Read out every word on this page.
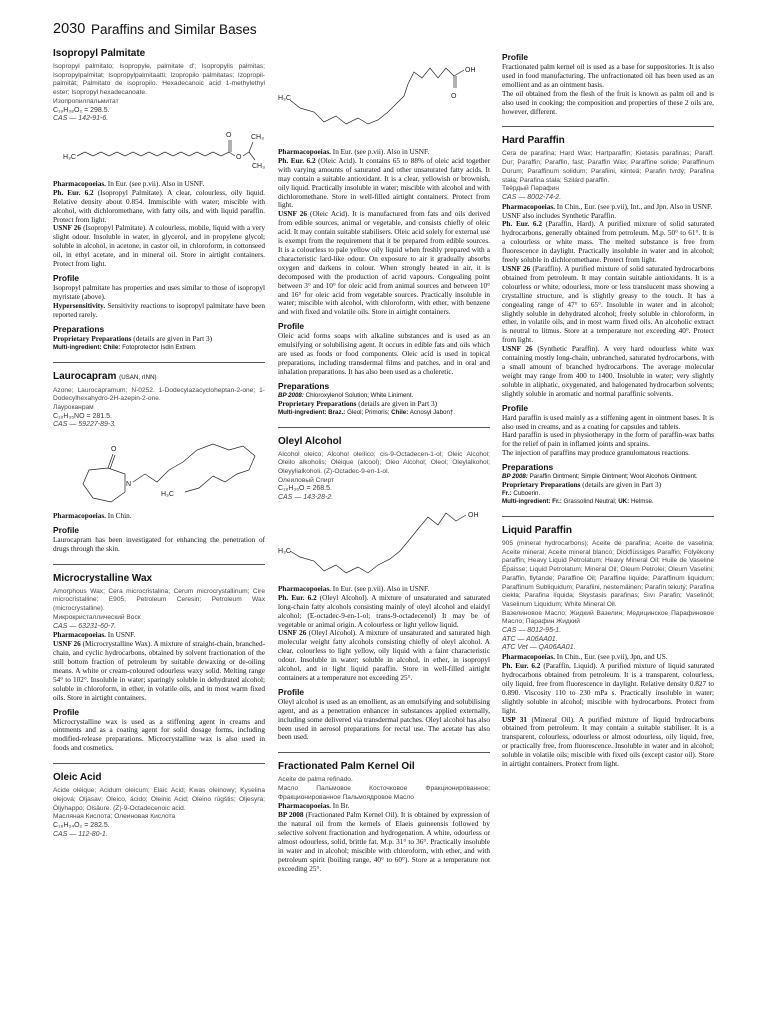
2030 Paraffins and Similar Bases
Isopropyl Palmitate

Isopropyl palmitato; Isopropyle, palmitate d'; Isopropylis palmitas; Isopropylpalmitat; Isopropylpalmitaatti; Izopropilo palmitatas; Izopropil-palmitát; Palmitato de isopropilo. Hexadecanoic acid 1-methylethyl ester; Isopropyl hexadecanoate.

Изопропилпальмитат

C₁₉H₃₈O₂ = 298.5.

CAS — 142-91-6.

H₃C
O
O
CH₃
CH₃

Pharmacopoeias. In Eur. (see p.vii). Also in USNF.

Ph. Eur. 6.2 (Isopropyl Palmitate). A clear, colourless, oily liquid. Relative density about 0.854. Immiscible with water; miscible with alcohol, with dichloromethane, with fatty oils, and with liquid paraffin. Protect from light.

USNF 26 (Isopropyl Palmitate). A colourless, mobile, liquid with a very slight odour. Insoluble in water, in glycerol, and in propylene glycol; soluble in alcohol, in acetone, in castor oil, in chloroform, in cottonseed oil, in ethyl acetate, and in mineral oil. Store in airtight containers. Protect from light.

Profile

Isopropyl palmitate has properties and uses similar to those of isopropyl myristate (above).

Hypersensitivity. Sensitivity reactions to isopropyl palmitate have been reported rarely.

Preparations

Proprietary Preparations (details are given in Part 3)

Multi-ingredient: Chile: Fotoprotector Isdin Extrem.

Laurocapram (USAN, rINN)

Azone; Laurocapramum; N-0252. 1-Dodecylazacycloheptan-2-one; 1-Dodecylhexahydro-2H-azepin-2-one.

Лауроканрам

C₁₈H₃₅NO = 281.5.

CAS — 59227-89-3.

O
N
H₃C

Pharmacopoeias. In Chin.

Profile

Laurocapram has been investigated for enhancing the penetration of drugs through the skin.

Microcrystalline Wax

Amorphous Wax; Cera microcristalina; Cerum microcrystallinum; Cire microcristalline; E905; Petroleum Ceresin; Petroleum Wax (microcrystalline).

Микрокристаллический Воск

CAS — 63231-60-7.

Pharmacopoeias. In USNF.

USNF 26 (Microcrystalline Wax). A mixture of straight-chain, branched-chain, and cyclic hydrocarbons, obtained by solvent fractionation of the still bottom fraction of petroleum by suitable dewaxing or de-oiling means. A white or cream-coloured odourless waxy solid. Melting range 54° to 102°. Insoluble in water; sparingly soluble in dehydrated alcohol; soluble in chloroform, in ether, in volatile oils, and in most warm fixed oils. Store in airtight containers.

Profile

Microcrystalline wax is used as a stiffening agent in creams and ointments and as a coating agent for solid dosage forms, including modified-release preparations. Microcrystalline wax is also used in foods and cosmetics.

Oleic Acid

Acide oléique; Acidum oleicum; Elaic Acid; Kwas oleinowy; Kyselina olejová; Oljasav; Oleico, ácido; Oleinic Acid; Oleino rūgštis; Oljesyra; Öljyhappo; Olsäure. (Z)-9-Octadecenoic acid.

Масляная Кислота; Олеиновая Кислота

C₁₈H₃₄O₂ = 282.5.

CAS — 112-80-1.

OH
O
H₃C

Pharmacopoeias. In Eur. (see p.vii). Also in USNF.

Ph. Eur. 6.2 (Oleic Acid). It contains 65 to 88% of oleic acid together with varying amounts of saturated and other unsaturated fatty acids. It may contain a suitable antioxidant. It is a clear, yellowish or brownish, oily liquid. Practically insoluble in water; miscible with alcohol and with dichloromethane. Store in well-filled airtight containers. Protect from light.

USNF 26 (Oleic Acid). It is manufactured from fats and oils derived from edible sources, animal or vegetable, and consists chiefly of oleic acid. It may contain suitable stabilisers. Oleic acid solely for external use is exempt from the requirement that it be prepared from edible sources. It is a colourless to pale yellow oily liquid when freshly prepared with a characteristic lard-like odour. On exposure to air it gradually absorbs oxygen and darkens in colour. When strongly heated in air, it is decomposed with the production of acrid vapours. Congealing point between 3° and 10° for oleic acid from animal sources and between 10° and 16° for oleic acid from vegetable sources. Practically insoluble in water; miscible with alcohol, with chloroform, with ether, with benzene and with fixed and volatile oils. Store in airtight containers.

Profile

Oleic acid forms soaps with alkaline substances and is used as an emulsifying or solubilising agent. It occurs in edible fats and oils which are used as foods or food components. Oleic acid is used in topical preparations, including transdermal films and patches, and in oral and inhalation preparations. It has also been used as a choleretic.

Preparations

BP 2008: Chloroxylenol Solution; White Liniment.

Proprietary Preparations (details are given in Part 3)

Multi-ingredient: Braz.: Gleol; Primoris; Chile: Acnosyl Jabon†.

Oleyl Alcohol

Alcohol oleico; Alcohol oleílico; cis-9-Octadecen-1-ol; Oleic Alcohol; Oleilo alkoholis; Oléique (alcool); Oleo Alcohol; Oleol; Oleylalkohol; Oleyylialkoholi. (Z)-Octadec-9-en-1-ol.

Олеиловый Спирт

C₁₈H₃₆O = 268.5.

CAS — 143-28-2.

OH
H₃C

Pharmacopoeias. In Eur. (see p.vii). Also in USNF.

Ph. Eur. 6.2 (Oleyl Alcohol). A mixture of unsaturated and saturated long-chain fatty alcohols consisting mainly of oleyl alcohol and elaidyl alcohol; (E-octadec-9-en-1-ol; trans-9-octadecenol) It may be of vegetable or animal origin. A colourless or light yellow liquid.

USNF 26 (Oleyl Alcohol). A mixture of unsaturated and saturated high molecular weight fatty alcohols consisting chiefly of oleyl alcohol. A clear, colourless to light yellow, oily liquid with a faint characteristic odour. Insoluble in water; soluble in alcohol, in ether, in isopropyl alcohol, and in light liquid paraffin. Store in well-filled airtight containers at a temperature not exceeding 25°.

Profile

Oleyl alcohol is used as an emollient, as an emulsifying and solubilising agent, and as a penetration enhancer in substances applied externally, including some delivered via transdermal patches. Oleyl alcohol has also been used in aerosol preparations for rectal use. The acetate has also been used.

Fractionated Palm Kernel Oil

Aceite de palma refinado.

Масло Пальмовое Косточковое Фракционированное; Фракционированное Пальмоядровое Масло

Pharmacopoeias. In Br.

BP 2008 (Fractionated Palm Kernel Oil). It is obtained by expression of the natural oil from the kernels of Elaeis guineensis followed by selective solvent fractionation and hydrogenation. A white, odourless or almost odourless, solid, brittle fat. M.p. 31° to 36°. Practically insoluble in water and in alcohol; miscible with chloroform, with ether, and with petroleum spirit (boiling range, 40° to 60°). Store at a temperature not exceeding 25°.

Profile

Fractionated palm kernel oil is used as a base for suppositories. It is also used in food manufacturing. The unfractionated oil has been used as an emollient and as an ointment basis.

The oil obtained from the flesh of the fruit is known as palm oil and is also used in cooking; the composition and properties of these 2 oils are, however, different.

Hard Paraffin

Cera de parafina; Hard Wax; Hartparaffin; Kietasis parafinas; Paraff. Dur; Paraffin; Paraffin, fast; Paraffin Wax; Paraffine solide; Paraffinum Durum; Paraffinum solidum; Parafiini, kiinteä; Parafin tvrdý; Parafina stała; Parafina stała; Szilárd paraffin.

Твёрдый Парафин

CAS — 8002-74-2.

Pharmacopoeias. In Chin., Eur. (see p.vii), Int., and Jpn. Also in USNF.

USNF also includes Synthetic Paraffin.

Ph. Eur. 6.2 (Paraffin, Hard). A purified mixture of solid saturated hydrocarbons, generally obtained from petroleum. M.p. 50° to 61°. It is a colourless or white mass. The melted substance is free from fluorescence in daylight. Practically insoluble in water and in alcohol; freely soluble in dichloromethane. Protect from light.

USNF 26 (Paraffin). A purified mixture of solid saturated hydrocarbons obtained from petroleum. It may contain suitable antioxidants. It is a colourless or white, odourless, more or less translucent mass showing a crystalline structure, and is slightly greasy to the touch. It has a congealing range of 47° to 65°. Insoluble in water and in alcohol; slightly soluble in dehydrated alcohol; freely soluble in chloroform, in ether, in volatile oils, and in most warm fixed oils. An alcoholic extract is neutral to litmus. Store at a temperature not exceeding 40°. Protect from light.

USNF 26 (Synthetic Paraffin). A very hard odourless white wax containing mostly long-chain, unbranched, saturated hydrocarbons, with a small amount of branched hydrocarbons. The average molecular weight may range from 400 to 1400. Insoluble in water; very slightly soluble in aliphatic, oxygenated, and halogenated hydrocarbon solvents; slightly soluble in aromatic and normal paraffinic solvents.

Profile

Hard paraffin is used mainly as a stiffening agent in ointment bases. It is also used in creams, and as a coating for capsules and tablets.

Hard paraffin is used in physiotherapy in the form of paraffin-wax baths for the relief of pain in inflamed joints and sprains.

The injection of paraffins may produce granulomatous reactions.

Preparations

BP 2008: Paraffin Ointment; Simple Ointment; Wool Alcohols Ointment.

Proprietary Preparations (details are given in Part 3)

Fr.: Cuboerin.

Multi-ingredient: Fr.: Grassolind Neutral; UK: Helmse.

Liquid Paraffin

905 (mineral hydrocarbons); Aceite de parafina; Aceite de vaselina; Aceite mineral; Aceite mineral blanco; Dickflüssiges Paraffin; Folyékony paraffin; Heavy Liquid Petrolatum; Heavy Mineral Oil; Huile de Vaseline Épaisse; Liquid Petrolatum; Mineral Oil; Oleum Petrolei; Oleum Vaselini; Paraffin, flytande; Paraffine Oil; Paraffine liquide; Paraffinum liquidum; Paraffinum Subliquidum; Parafiini, nestemäinen; Parafín tekutý; Parafina ciekła; Parafina líquida; Skystasis parafinas; Sıvı Parafin; Vaselinöl; Vaselinum Liquidum; White Mineral Oil.

Вазелиновое Масло; Жидкий Вазелин; Медицинское Парафиновое Масло; Парафин Жидкий

CAS — 8012-95-1.

ATC — A06AA01.

ATC Vet — QA06AA01.

Pharmacopoeias. In Chin., Eur. (see p.vii), Jpn, and US.

Ph. Eur. 6.2 (Paraffin, Liquid). A purified mixture of liquid saturated hydrocarbons obtained from petroleum. It is a transparent, colourless, oily liquid, free from fluorescence in daylight. Relative density 0.827 to 0.890. Viscosity 110 to 230 mPa s. Practically insoluble in water; slightly soluble in alcohol; miscible with hydrocarbons. Protect from light.

USP 31 (Mineral Oil). A purified mixture of liquid hydrocarbons obtained from petroleum. It may contain a suitable stabiliser. It is a transparent, colourless, odourless or almost odourless, oily liquid, free, or practically free, from fluorescence. Insoluble in water and in alcohol; soluble in volatile oils; miscible with fixed oils (except castor oil). Store in airtight containers. Protect from light.
